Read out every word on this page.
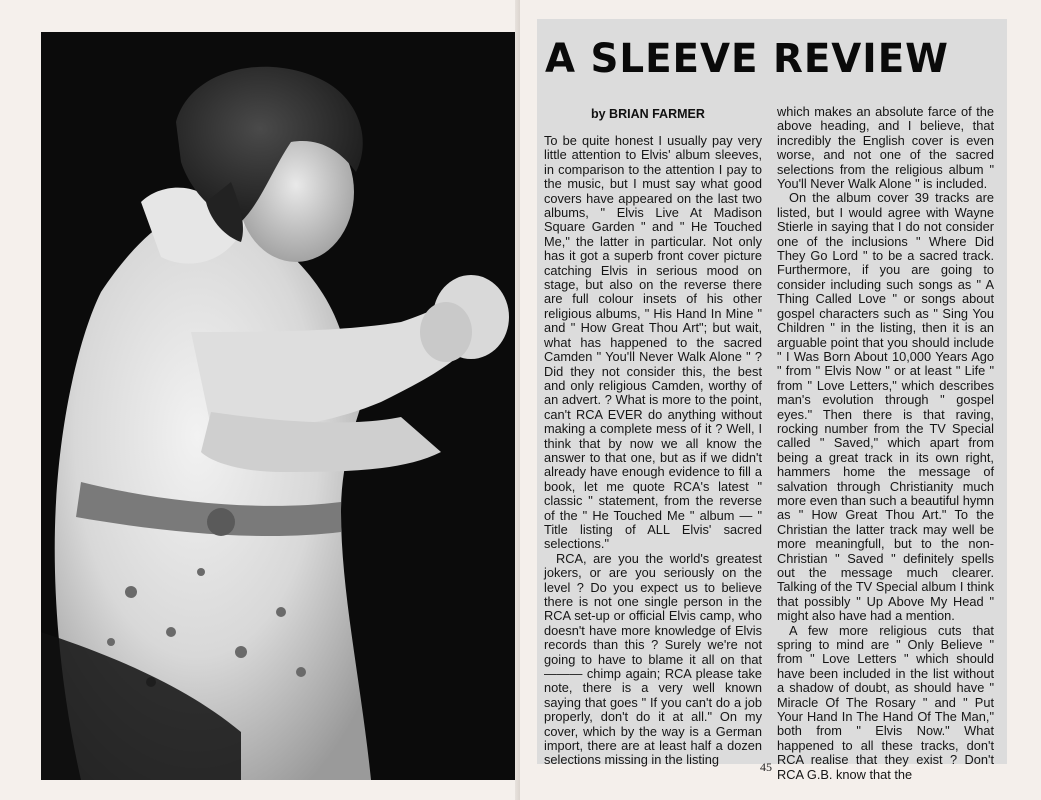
A SLEEVE REVIEW
by BRIAN FARMER

To be quite honest I usually pay very little attention to Elvis' album sleeves, in comparison to the attention I pay to the music, but I must say what good covers have appeared on the last two albums, " Elvis Live At Madison Square Garden " and " He Touched Me," the latter in particular. Not only has it got a superb front cover picture catching Elvis in serious mood on stage, but also on the reverse there are full colour insets of his other religious albums, " His Hand In Mine " and " How Great Thou Art"; but wait, what has happened to the sacred Camden " You'll Never Walk Alone " ? Did they not consider this, the best and only religious Camden, worthy of an advert. ? What is more to the point, can't RCA EVER do anything without making a complete mess of it ? Well, I think that by now we all know the answer to that one, but as if we didn't already have enough evidence to fill a book, let me quote RCA's latest " classic " statement, from the reverse of the " He Touched Me " album — " Title listing of ALL Elvis' sacred selections."

RCA, are you the world's greatest jokers, or are you seriously on the level ? Do you expect us to believe there is not one single person in the RCA set-up or official Elvis camp, who doesn't have more knowledge of Elvis records than this ? Surely we're not going to have to blame it all on that ——— chimp again; RCA please take note, there is a very well known saying that goes " If you can't do a job properly, don't do it at all." On my cover, which by the way is a German import, there are at least half a dozen selections missing in the listing

which makes an absolute farce of the above heading, and I believe, that incredibly the English cover is even worse, and not one of the sacred selections from the religious album " You'll Never Walk Alone " is included.

On the album cover 39 tracks are listed, but I would agree with Wayne Stierle in saying that I do not consider one of the inclusions " Where Did They Go Lord " to be a sacred track. Furthermore, if you are going to consider including such songs as " A Thing Called Love " or songs about gospel characters such as " Sing You Children " in the listing, then it is an arguable point that you should include " I Was Born About 10,000 Years Ago " from " Elvis Now " or at least " Life " from " Love Letters," which describes man's evolution through " gospel eyes." Then there is that raving, rocking number from the TV Special called " Saved," which apart from being a great track in its own right, hammers home the message of salvation through Christianity much more even than such a beautiful hymn as " How Great Thou Art." To the Christian the latter track may well be more meaningfull, but to the non-Christian " Saved " definitely spells out the message much clearer. Talking of the TV Special album I think that possibly " Up Above My Head " might also have had a mention.

A few more religious cuts that spring to mind are " Only Believe " from " Love Letters " which should have been included in the list without a shadow of doubt, as should have " Miracle Of The Rosary " and " Put Your Hand In The Hand Of The Man," both from " Elvis Now." What happened to all these tracks, don't RCA realise that they exist ? Don't RCA G.B. know that the

45
